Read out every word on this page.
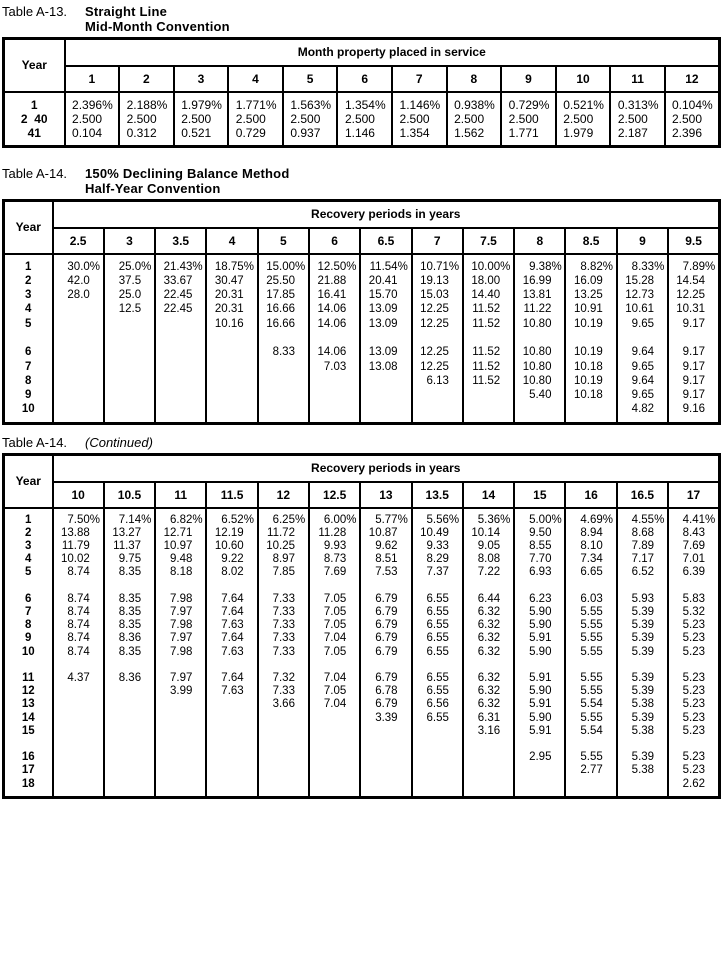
Table A-13.	Straight Line
Mid-Month Convention
Year	Month property placed in service											
	1	2	3	4	5	6	7	8	9	10	11	12
1	2.396%	2.188%	1.979%	1.771%	1.563%	1.354%	1.146%	0.938%	0.729%	0.521%	0.313%	0.104%
2  40	2.500	2.500	2.500	2.500	2.500	2.500	2.500	2.500	2.500	2.500	2.500	2.500
41	0.104	0.312	0.521	0.729	0.937	1.146	1.354	1.562	1.771	1.979	2.187	2.396
Table A-14.	150% Declining Balance Method
Half-Year Convention
Year	Recovery periods in years												
	2.5	3	3.5	4	5	6	6.5	7	7.5	8	8.5	9	9.5
1	30.0%	25.0%	21.43%	18.75%	15.00%	12.50%	11.54%	10.71%	10.00%	9.38%	8.82%	8.33%	7.89%
2	42.0	37.5	33.67	30.47	25.50	21.88	20.41	19.13	18.00	16.99	16.09	15.28	14.54
3	28.0	25.0	22.45	20.31	17.85	16.41	15.70	15.03	14.40	13.81	13.25	12.73	12.25
4		12.5	22.45	20.31	16.66	14.06	13.09	12.25	11.52	11.22	10.91	10.61	10.31
5				10.16	16.66	14.06	13.09	12.25	11.52	10.80	10.19	9.65	9.17

6					8.33	14.06	13.09	12.25	11.52	10.80	10.19	9.64	9.17
7						7.03	13.08	12.25	11.52	10.80	10.18	9.65	9.17
8								6.13	11.52	10.80	10.19	9.64	9.17
9										5.40	10.18	9.65	9.17
10												4.82	9.16
Table A-14.	(Continued)
Year	Recovery periods in years												
	10	10.5	11	11.5	12	12.5	13	13.5	14	15	16	16.5	17
1	7.50%	7.14%	6.82%	6.52%	6.25%	6.00%	5.77%	5.56%	5.36%	5.00%	4.69%	4.55%	4.41%
2	13.88	13.27	12.71	12.19	11.72	11.28	10.87	10.49	10.14	9.50	8.94	8.68	8.43
3	11.79	11.37	10.97	10.60	10.25	9.93	9.62	9.33	9.05	8.55	8.10	7.89	7.69
4	10.02	9.75	9.48	9.22	8.97	8.73	8.51	8.29	8.08	7.70	7.34	7.17	7.01
5	8.74	8.35	8.18	8.02	7.85	7.69	7.53	7.37	7.22	6.93	6.65	6.52	6.39

6	8.74	8.35	7.98	7.64	7.33	7.05	6.79	6.55	6.44	6.23	6.03	5.93	5.83
7	8.74	8.35	7.97	7.64	7.33	7.05	6.79	6.55	6.32	5.90	5.55	5.39	5.32
8	8.74	8.35	7.98	7.63	7.33	7.05	6.79	6.55	6.32	5.90	5.55	5.39	5.23
9	8.74	8.36	7.97	7.64	7.33	7.04	6.79	6.55	6.32	5.91	5.55	5.39	5.23
10	8.74	8.35	7.98	7.63	7.33	7.05	6.79	6.55	6.32	5.90	5.55	5.39	5.23

11	4.37	8.36	7.97	7.64	7.32	7.04	6.79	6.55	6.32	5.91	5.55	5.39	5.23
12			3.99	7.63	7.33	7.05	6.78	6.55	6.32	5.90	5.55	5.39	5.23
13					3.66	7.04	6.79	6.56	6.32	5.91	5.54	5.38	5.23
14							3.39	6.55	6.31	5.90	5.55	5.39	5.23
15									3.16	5.91	5.54	5.38	5.23

16										2.95	5.55	5.39	5.23
17											2.77	5.38	5.23
18													2.62
